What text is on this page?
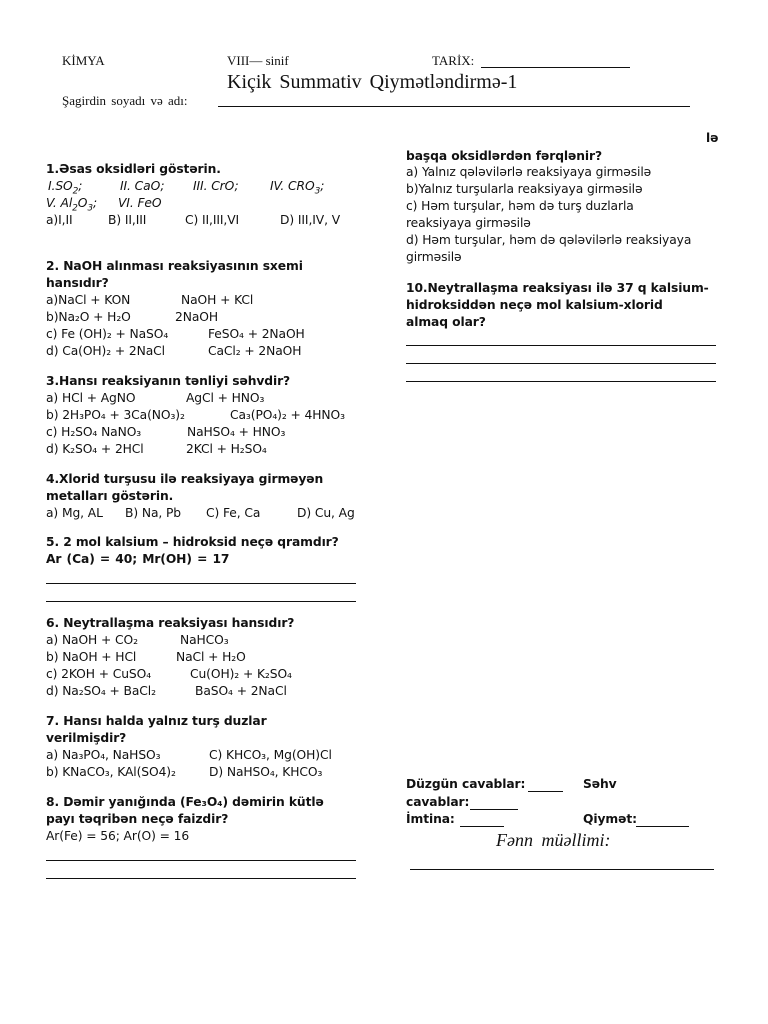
KİMYA	VIII— sinif	TARİX:
Kiçik Summativ Qiymətləndirmə-1
Şagirdin soyadı və adı:
1.Əsas oksidləri göstərin.
$I.SO_2$;	II. CaO; III. CrO;	IV. $CRO_3$;
V. $Al_2O_3$; VI. FeO
a)I,II	B) II,III	C) II,III,VI	D) III,IV, V
2. NaOH alınması reaksiyasının sxemi
hansıdır?
a)NaCl + KON	NaOH + KCl
b)Na₂O + H₂O	2NaOH
c) Fe (OH)₂ + NaSO₄	FeSO₄ + 2NaOH
d) Ca(OH)₂ + 2NaCl	CaCl₂ + 2NaOH
3.Hansı reaksiyanın tənliyi səhvdir?
a) HCl + AgNO	AgCl + HNO₃
b) 2H₃PO₄ + 3Ca(NO₃)₂	Ca₃(PO₄)₂ + 4HNO₃
c) H₂SO₄ NaNO₃	NaHSO₄ + HNO₃
d) K₂SO₄ + 2HCl	2KCl + H₂SO₄
4.Xlorid turşusu ilə reaksiyaya girməyən
metalları göstərin.
a) Mg, AL B) Na, Pb C) Fe, Ca	D) Cu, Ag
5. 2 mol kalsium – hidroksid neçə qramdır?
Ar (Ca) = 40; Mr(OH) = 17
6. Neytrallaşma reaksiyası hansıdır?
a) NaOH + CO₂	NaHCO₃
b) NaOH + HCl	NaCl + H₂O
c) 2KOH + CuSO₄	Cu(OH)₂ + K₂SO₄
d) Na₂SO₄ + BaCl₂	BaSO₄ + 2NaCl
7. Hansı halda yalnız turş duzlar
verilmişdir?
a) Na₃PO₄, NaHSO₃	C) KHCO₃, Mg(OH)Cl
b) KNaCO₃, KAl(SO4)₂	D) NaHSO₄, KHCO₃
8. Dəmir yanığında (Fe₃O₄) dəmirin kütlə
payı təqribən neçə faizdir?
Ar(Fe) = 56; Ar(O) = 16
lə
başqa oksidlərdən fərqlənir?
a) Yalnız qələvilərlə reaksiyaya girməsilə
b)Yalnız turşularla reaksiyaya girməsilə
c) Həm turşular, həm də turş duzlarla
reaksiyaya girməsilə
d) Həm turşular, həm də qələvilərlə reaksiyaya
girməsilə
10.Neytrallaşma reaksiyası ilə 37 q kalsium-
hidroksiddən neçə mol kalsium-xlorid
almaq olar?
Düzgün cavablar:	Səhv
cavablar:
İmtina:	Qiymət:
Fənn müəllimi:
